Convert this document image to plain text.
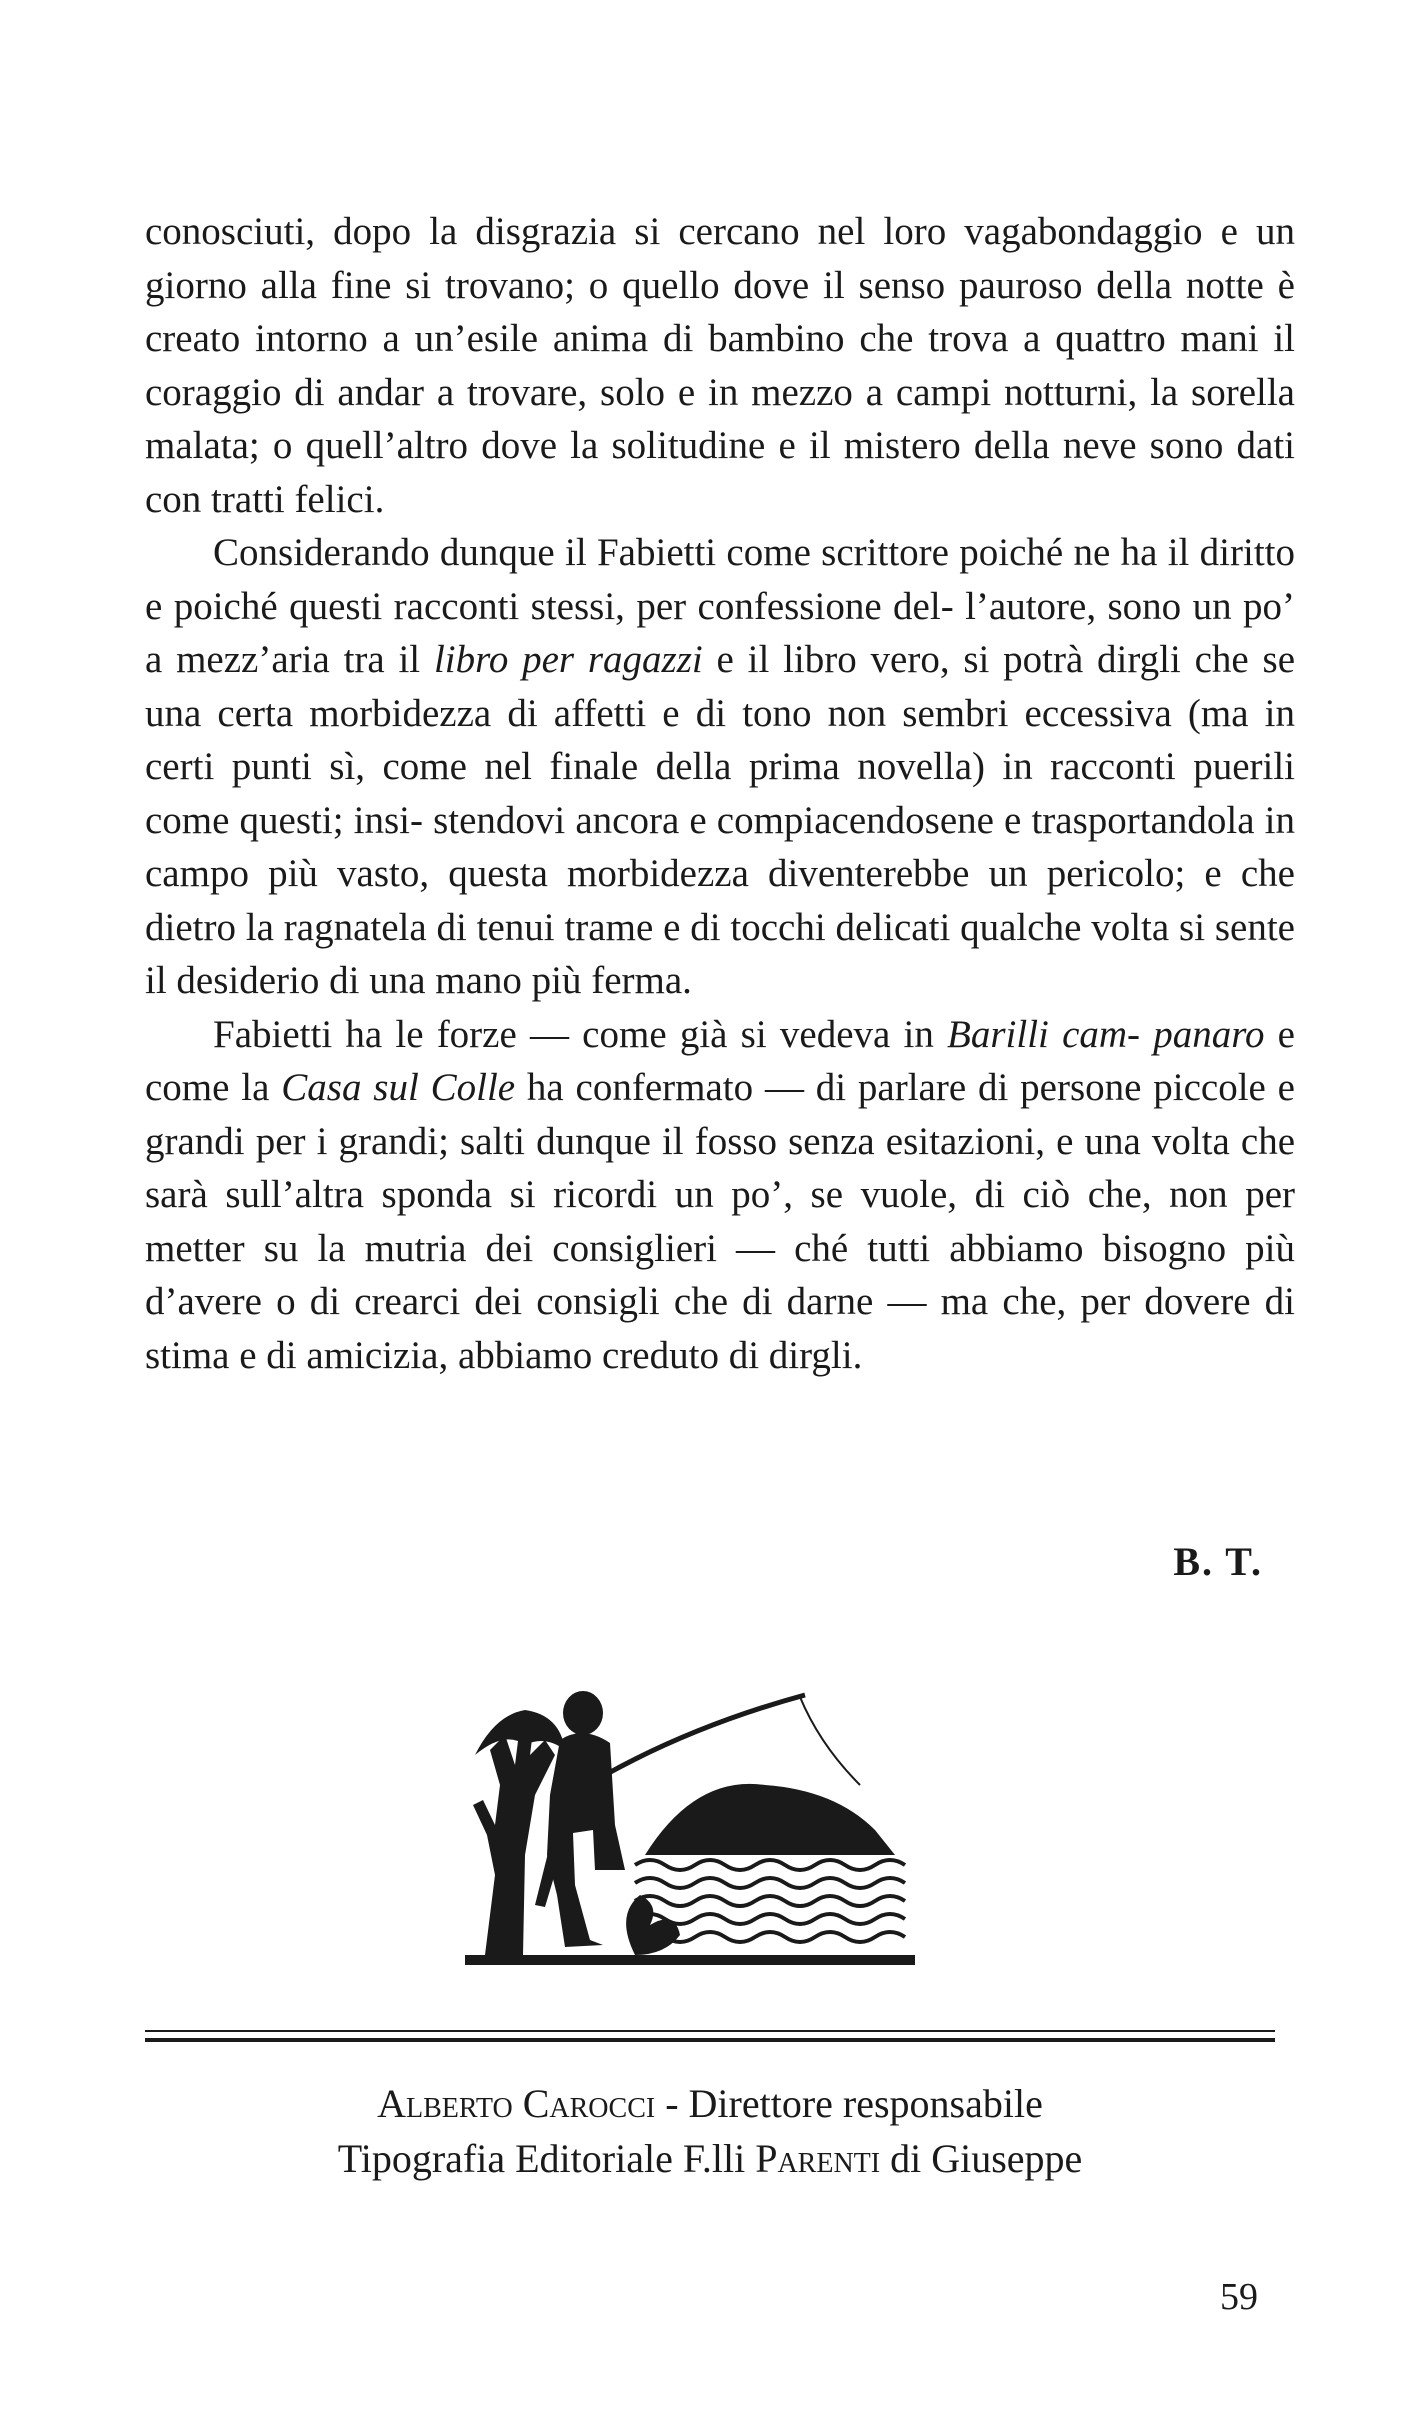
conosciuti, dopo la disgrazia si cercano nel loro vagabondaggio e un giorno alla fine si trovano; o quello dove il senso pauroso della notte è creato intorno a un’esile anima di bambino che trova a quattro mani il coraggio di andar a trovare, solo e in mezzo a campi notturni, la sorella malata; o quell’altro dove la solitudine e il mistero della neve sono dati con tratti felici.

Considerando dunque il Fabietti come scrittore poiché ne ha il diritto e poiché questi racconti stessi, per confessione del- l’autore, sono un po’ a mezz’aria tra il libro per ragazzi e il libro vero, si potrà dirgli che se una certa morbidezza di affetti e di tono non sembri eccessiva (ma in certi punti sì, come nel finale della prima novella) in racconti puerili come questi; insi- stendovi ancora e compiacendosene e trasportandola in campo più vasto, questa morbidezza diventerebbe un pericolo; e che dietro la ragnatela di tenui trame e di tocchi delicati qualche volta si sente il desiderio di una mano più ferma.

Fabietti ha le forze — come già si vedeva in Barilli cam- panaro e come la Casa sul Colle ha confermato — di parlare di persone piccole e grandi per i grandi; salti dunque il fosso senza esitazioni, e una volta che sarà sull’altra sponda si ricordi un po’, se vuole, di ciò che, non per metter su la mutria dei consiglieri — ché tutti abbiamo bisogno più d’avere o di crearci dei consigli che di darne — ma che, per dovere di stima e di amicizia, abbiamo creduto di dirgli.

B. T.
Alberto Carocci - Direttore responsabile
Tipografia Editoriale F.lli Parenti di Giuseppe
59
